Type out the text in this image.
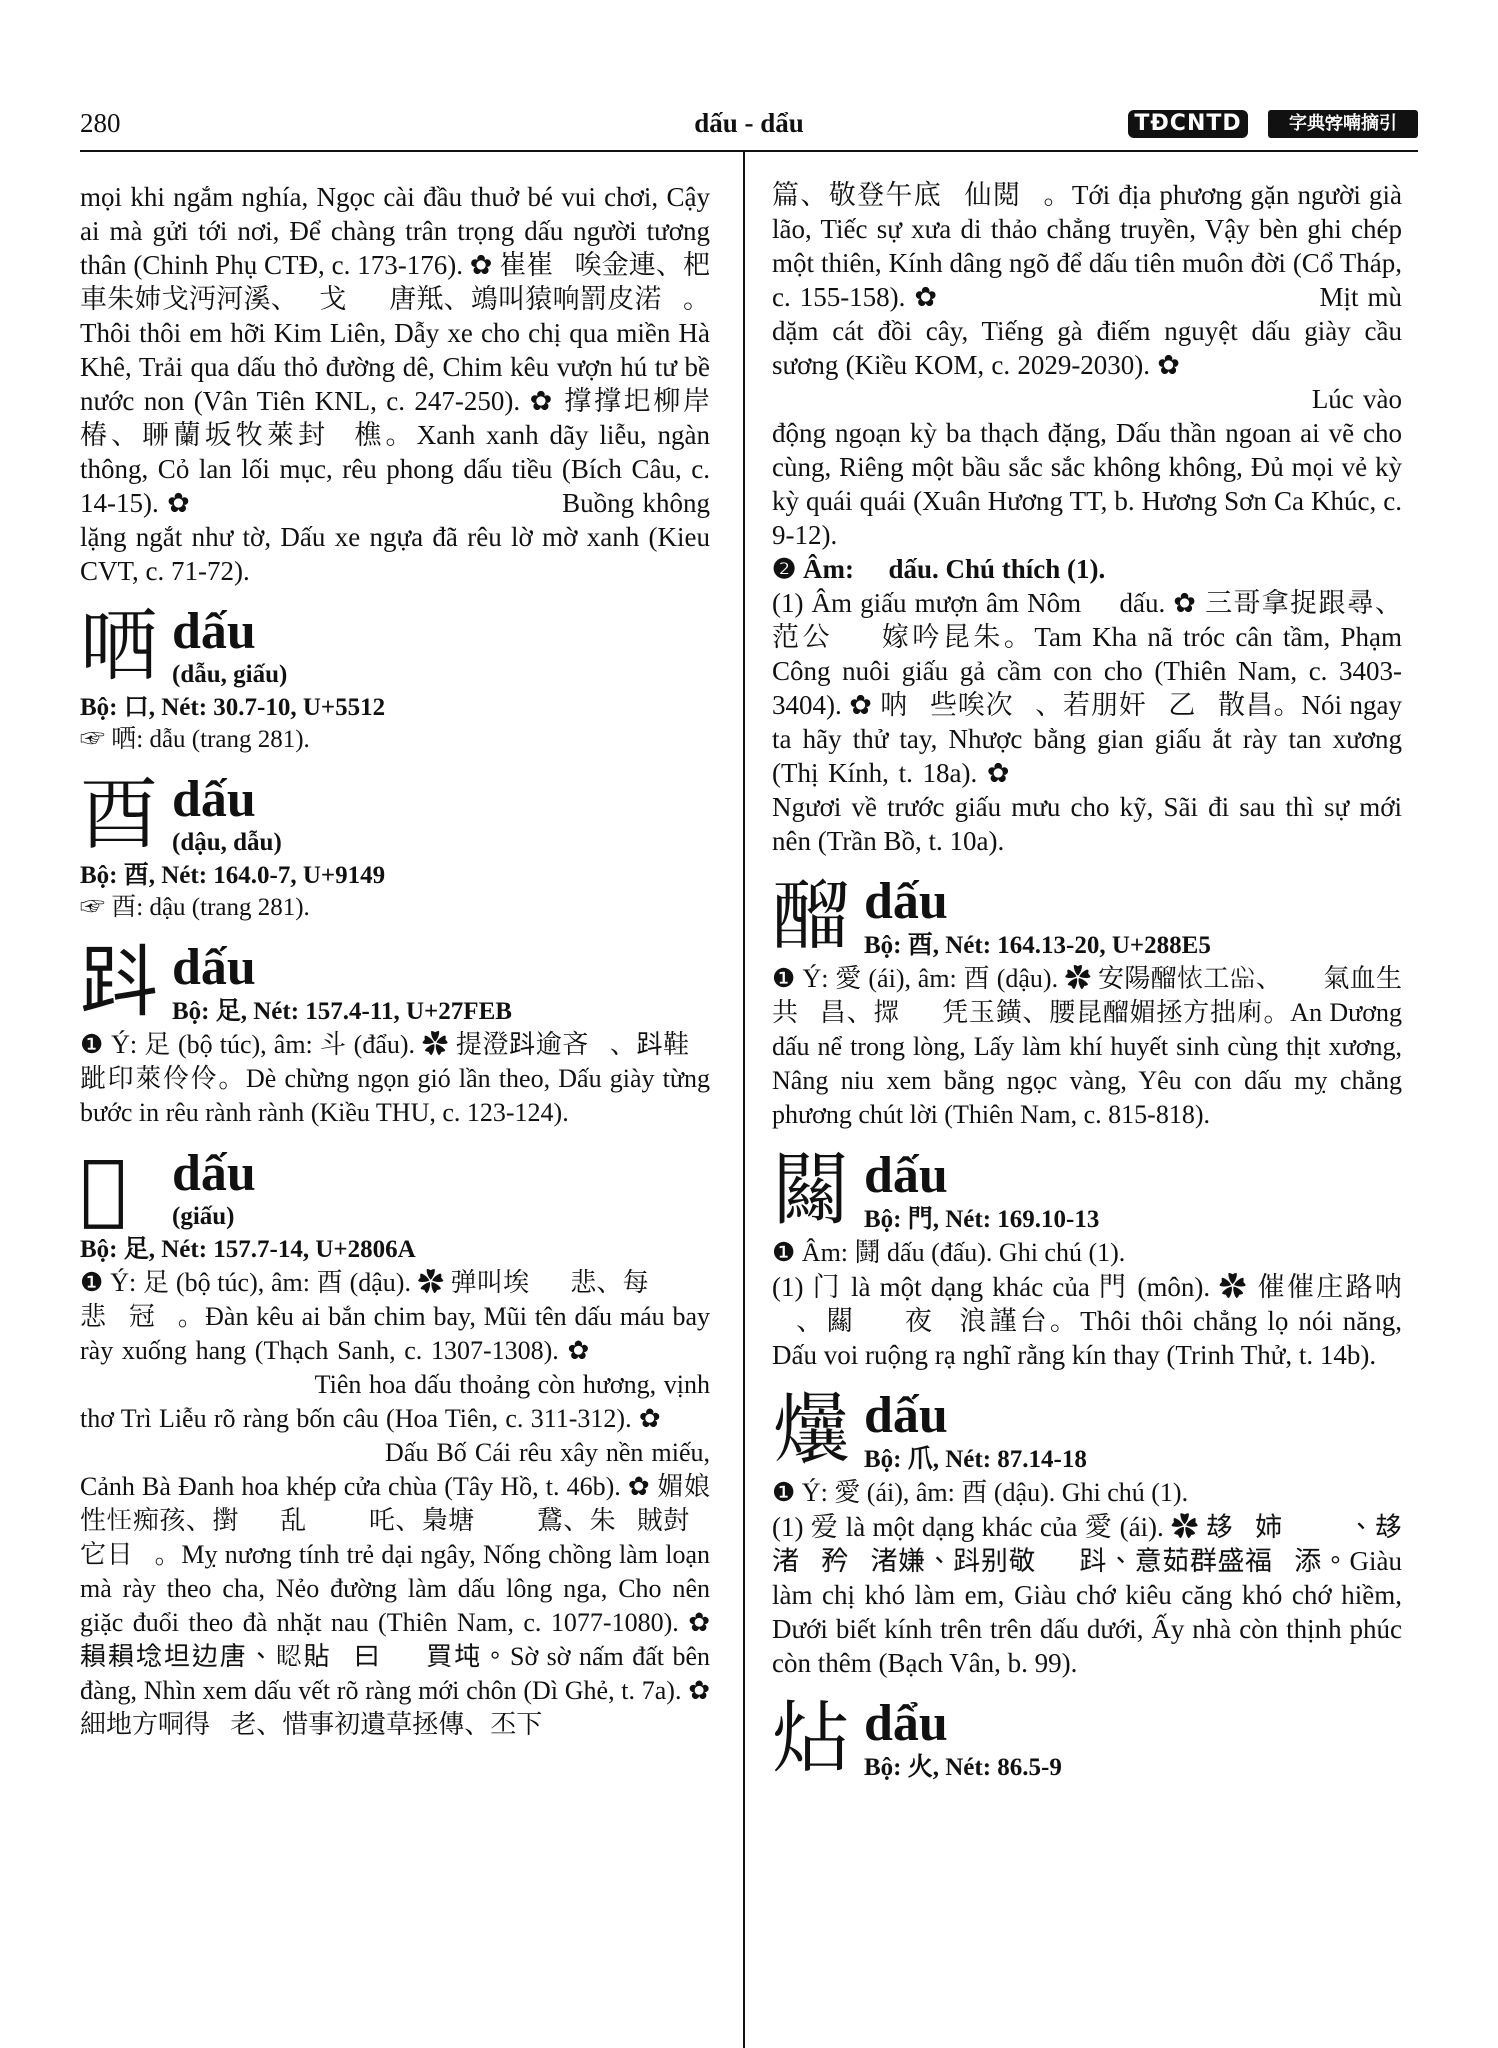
280	dấu - dẩu	TĐCNTD	字典𡨸喃摘引

mọi khi ngắm nghía, Ngọc cài đầu thuở bé vui chơi, Cậy ai mà gửi tới nơi, Để chàng trân trọng dấu người tương thân (Chinh Phụ CTĐ, c. 173-176). ✿ 崔崔𡛔唉金連、杷車朱姉戈沔河溪、𠫾戈𨁪𤞺唐羝、鴗叫猿响罰皮渃𡶀。Thôi thôi em hỡi Kim Liên, Dẫy xe cho chị qua miền Hà Khê, Trải qua dấu thỏ đường dê, Chim kêu vượn hú tư bề nước non (Vân Tiên KNL, c. 247-250). ✿ 撑撑圯柳岸椿、𦕼蘭坂牧萊封𨁪樵。Xanh xanh dãy liễu, ngàn thông, Cỏ lan lối mục, rêu phong dấu tiều (Bích Câu, c. 14-15). ✿ 𤁕空溯𣳔如𢪏、𨁪車馭𠖤𧿨𩯀𧿫撑。Buồng không lặng ngắt như tờ, Dấu xe ngựa đã rêu lờ mờ xanh (Kieu CVT, c. 71-72).

哂 dấu
(dẫu, giấu)
Bộ: 口, Nét: 30.7-10, U+5512
☞ 哂: dẫu (trang 281).
酉 dấu
(dậu, dẫu)
Bộ: 酉, Nét: 164.0-7, U+9149
☞ 酉: dậu (trang 281).
𧿫 dấu
Bộ: 足, Nét: 157.4-11, U+27FEB

❶ Ý: 足 (bộ túc), âm: 斗 (đẩu). ✿ 提澄𧿫逾吝𧿨、𧿫鞋𩃳跐印萊伶伶。Dè chừng ngọn gió lần theo, Dấu giày từng bước in rêu rành rành (Kiều THU, c. 123-124).

𨁪 dấu
(giấu)
Bộ: 足, Nét: 157.7-14, U+2806A

❶ Ý: 足 (bộ túc), âm: 酉 (dậu). ✿ 弹叫埃𢏡𩿠悲、每𥏌𨁪𧖱悲𠡚冠𡏦。Đàn kêu ai bắn chim bay, Mũi tên dấu máu bay rày xuống hang (Thạch Sanh, c. 1307-1308). ✿ 𥿗花𨁪𠸲群香、詠詩池柳𤍶𡛔罘句。Tiên hoa dấu thoảng còn hương, vịnh thơ Trì Liễu rõ ràng bốn câu (Hoa Tiên, c. 311-312). ✿ 𨁪布丐蓬磋堀廟、景娑釘花𢶢闌厨。Dấu Bố Cái rêu xây nền miếu, Cảnh Bà Đanh hoa khép cửa chùa (Tây Hồ, t. 46b). ✿ 媚娘性𢗖痴孩、𢷮𪡀𡗉乱𡽫𠡚𧿨吒、梟塘𡗉𨁪𩁱鵞、朱𨫊賊尌𧿨它日𡗋。Mỵ nương tính trẻ dại ngây, Nống chồng làm loạn mà rày theo cha, Nẻo đường làm dấu lông nga, Cho nên giặc đuổi theo đà nhặt nau (Thiên Nam, c. 1077-1080). ✿ 𦔐𦔐埝坦边唐、𥆾貼𨁪曰𤍶𡛔買坉。Sờ sờ nấm đất bên đàng, Nhìn xem dấu vết rõ ràng mới chôn (Dì Ghẻ, t. 7a). ✿ 細地方哃得𦓅老、惜事初遺草拯傳、丕下𥮊𠞺𤍶

篇、敬登午底𨁪仙閲𦭍。Tới địa phương gặn người già lão, Tiếc sự xưa di thảo chẳng truyền, Vậy bèn ghi chép một thiên, Kính dâng ngõ để dấu tiên muôn đời (Cổ Tháp, c. 155-158). ✿ 𩄲𡨧𩵜𤀗𩕂核、𠸒𩿠店月𨁪𩌂𣜾霜。Mịt mù dặm cát đồi cây, Tiếng gà điếm nguyệt dấu giày cầu sương (Kiều KOM, c. 2029-2030). ✿ 𣅶𤿤洞玩奇𥗐石磴、𨁪神頑埃歷朱穷、𥠯泼瓢色色空空、𧡊每歷奇奇怪怪。Lúc vào động ngoạn kỳ ba thạch đặng, Dấu thần ngoan ai vẽ cho cùng, Riêng một bầu sắc sắc không không, Đủ mọi vẻ kỳ kỳ quái quái (Xuân Hương TT, b. Hương Sơn Ca Khúc, c. 9-12).

❷ Âm: 𨁪 dấu. Chú thích (1).

(1) Âm giấu mượn âm Nôm 𨁪 dấu. ✿ 三哥拿捉跟尋、范公𧿨𨁪嫁吟昆朱。Tam Kha nã tróc cân tầm, Phạm Công nuôi giấu gả cầm con cho (Thiên Nam, c. 3403-3404). ✿ 呐𨀈些唉次𢬣、若朋奸𨁪乙𠡚散昌。Nói ngay ta hãy thử tay, Nhược bằng gian giấu ắt rày tan xương (Thị Kính, t. 18a). ✿ 𧿨衛𨁪𨁪謀朱紀、仕𢬗𢬥辰事買𨫊。Ngươi về trước giấu mưu cho kỹ, Sãi đi sau thì sự mới nên (Trần Bồ, t. 10a).

𨢇 dấu
Bộ: 酉, Nét: 164.13-20, U+288E5

❶ Ý: 愛 (ái), âm: 酉 (dậu). ✿ 安陽𨢇𢙇工𢙈、𢪀𡗉氣血生共𦛌昌、𢶢𢹿𥙩凭玉鐄、腰昆𨢇媚拯方拙𢈱。An Dương dấu nể trong lòng, Lấy làm khí huyết sinh cùng thịt xương, Nâng niu xem bằng ngọc vàng, Yêu con dấu mỵ chẳng phương chút lời (Thiên Nam, c. 815-818).

𨶹 dấu
Bộ: 門, Nét: 169.10-13

❶ Âm: 鬪 dấu (đấu). Ghi chú (1).

(1) 门 là một dạng khác của 門 (môn). ✿ 催催庄路呐𠳨、𨶹𤞺𥪝夜𢬗浪謹台。Thôi thôi chẳng lọ nói năng, Dấu voi ruộng rạ nghĩ rằng kín thay (Trinh Thử, t. 14b).

𤓢 dấu
Bộ: 爪, Nét: 87.14-18

❶ Ý: 愛 (ái), âm: 酉 (dậu). Ghi chú (1).

(1) 爱 là một dạng khác của 愛 (ái). ✿ 𠫾𡗉姉𦢳𡗉𡛔、𠫾渚𩢬矜𦢳渚嫌、𧿫别敬𨖅𤓢𧿫、意茹群盛福𦾽添。Giàu làm chị khó làm em, Giàu chớ kiêu căng khó chớ hiềm, Dưới biết kính trên trên dấu dưới, Ấy nhà còn thịnh phúc còn thêm (Bạch Vân, b. 99).

炶 dẩu
Bộ: 火, Nét: 86.5-9
